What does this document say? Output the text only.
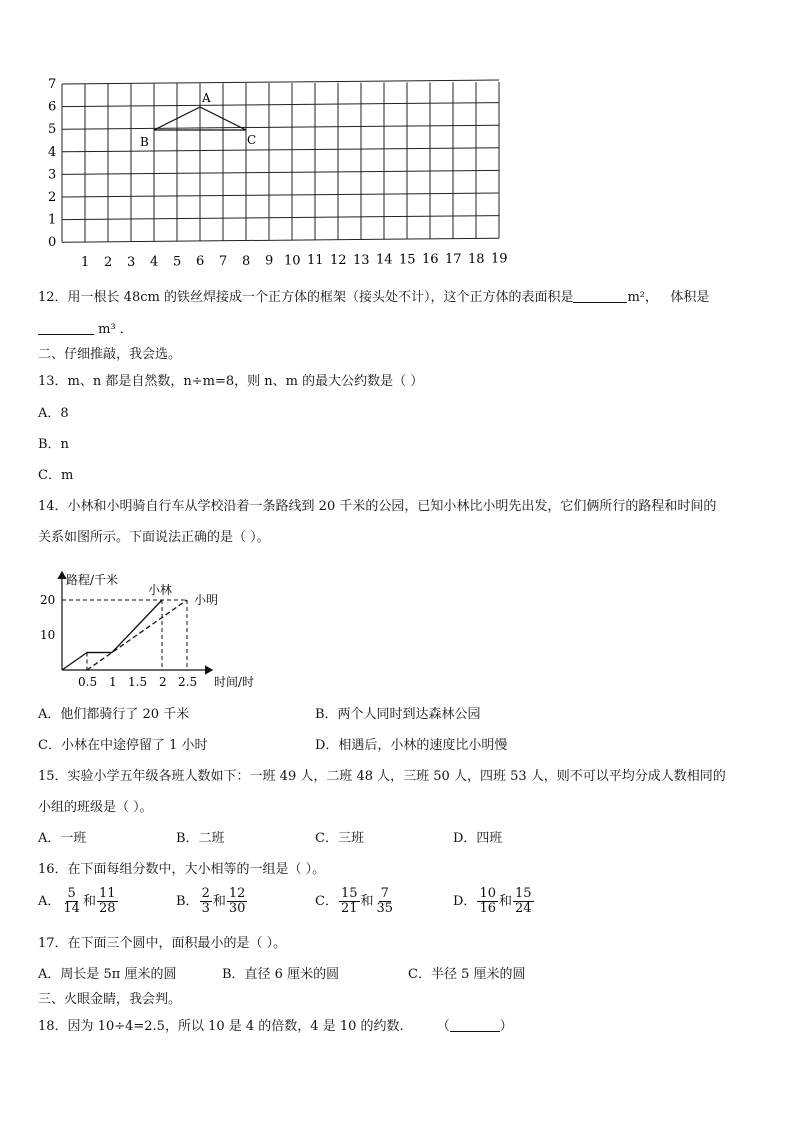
0
1
2
3
4
5
6
7
1 2 3 4 5 6 7 8 9 10 11 12 13 14 15 16 17 18 19
A
B	C
12．用一根长 48cm 的铁丝焊接成一个正方体的框架（接头处不计），这个正方体的表面积是	m²， 体积是
m³ ．
二、仔细推敲，我会选。
13．m、n 都是自然数，n÷m=8，则 n、m 的最大公约数是（ ）
A．8
B．n
C．m
14．小林和小明骑自行车从学校沿着一条路线到 20 千米的公园，已知小林比小明先出发，它们俩所行的路程和时间的
关系如图所示。下面说法正确的是（ ）。
路程/千米
时间/时
10
20
0.5 1 1.5 2 2.5
小林
小明
A．他们都骑行了 20 千米	B．两个人同时到达森林公园
C．小林在中途停留了 1 小时	D．相遇后，小林的速度比小明慢
15．实验小学五年级各班人数如下：一班 49 人，二班 48 人，三班 50 人，四班 53 人，则不可以平均分成人数相同的
小组的班级是（ ）。
A．一班	B．二班	C．三班	D．四班
16．在下面每组分数中，大小相等的一组是（ ）。
A． $\frac{5}{14}$ 和 $\frac{11}{28}$	B． $\frac{2}{3}$ 和 $\frac{12}{30}$	C． $\frac{15}{21}$ 和 $\frac{7}{35}$	D． $\frac{10}{16}$ 和 $\frac{15}{24}$
17．在下面三个圆中，面积最小的是（ ）。
A．周长是 5π 厘米的圆	B．直径 6 厘米的圆	C．半径 5 厘米的圆
三、火眼金睛，我会判。
18．因为 10÷4=2.5，所以 10 是 4 的倍数，4 是 10 的约数.	（	）
